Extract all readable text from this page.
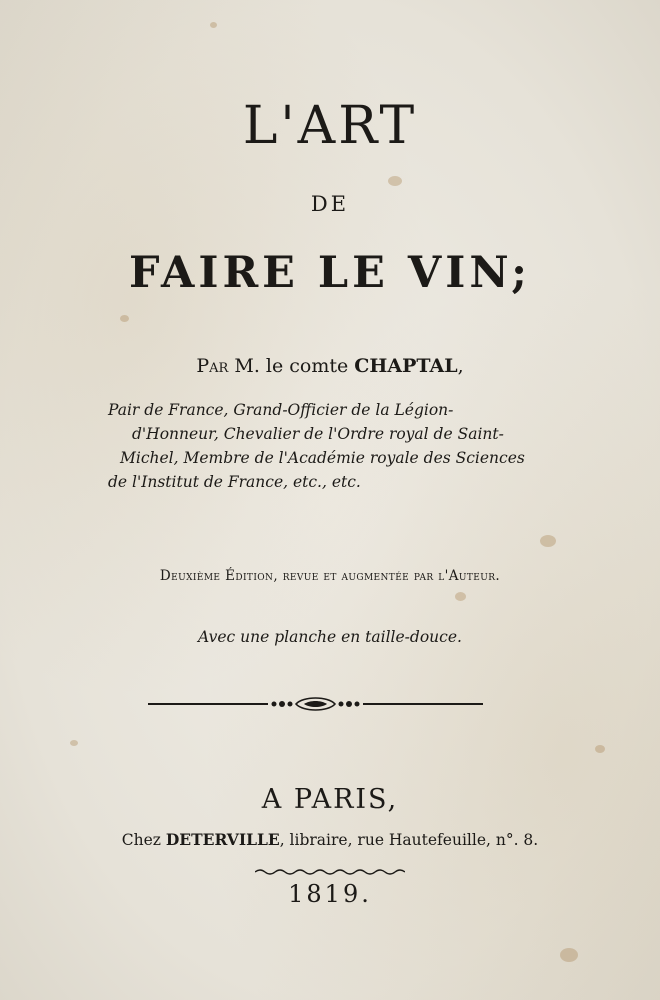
L'ART
DE
FAIRE LE VIN;
Par M. le comte CHAPTAL,
Pair de France, Grand-Officier de la Légion-
d'Honneur, Chevalier de l'Ordre royal de Saint-
Michel, Membre de l'Académie royale des Sciences
de l'Institut de France, etc., etc.
Deuxième Édition, revue et augmentée par l'Auteur.
Avec une planche en taille-douce.
A PARIS,
Chez DETERVILLE, libraire, rue Hautefeuille, n°. 8.
1819.
